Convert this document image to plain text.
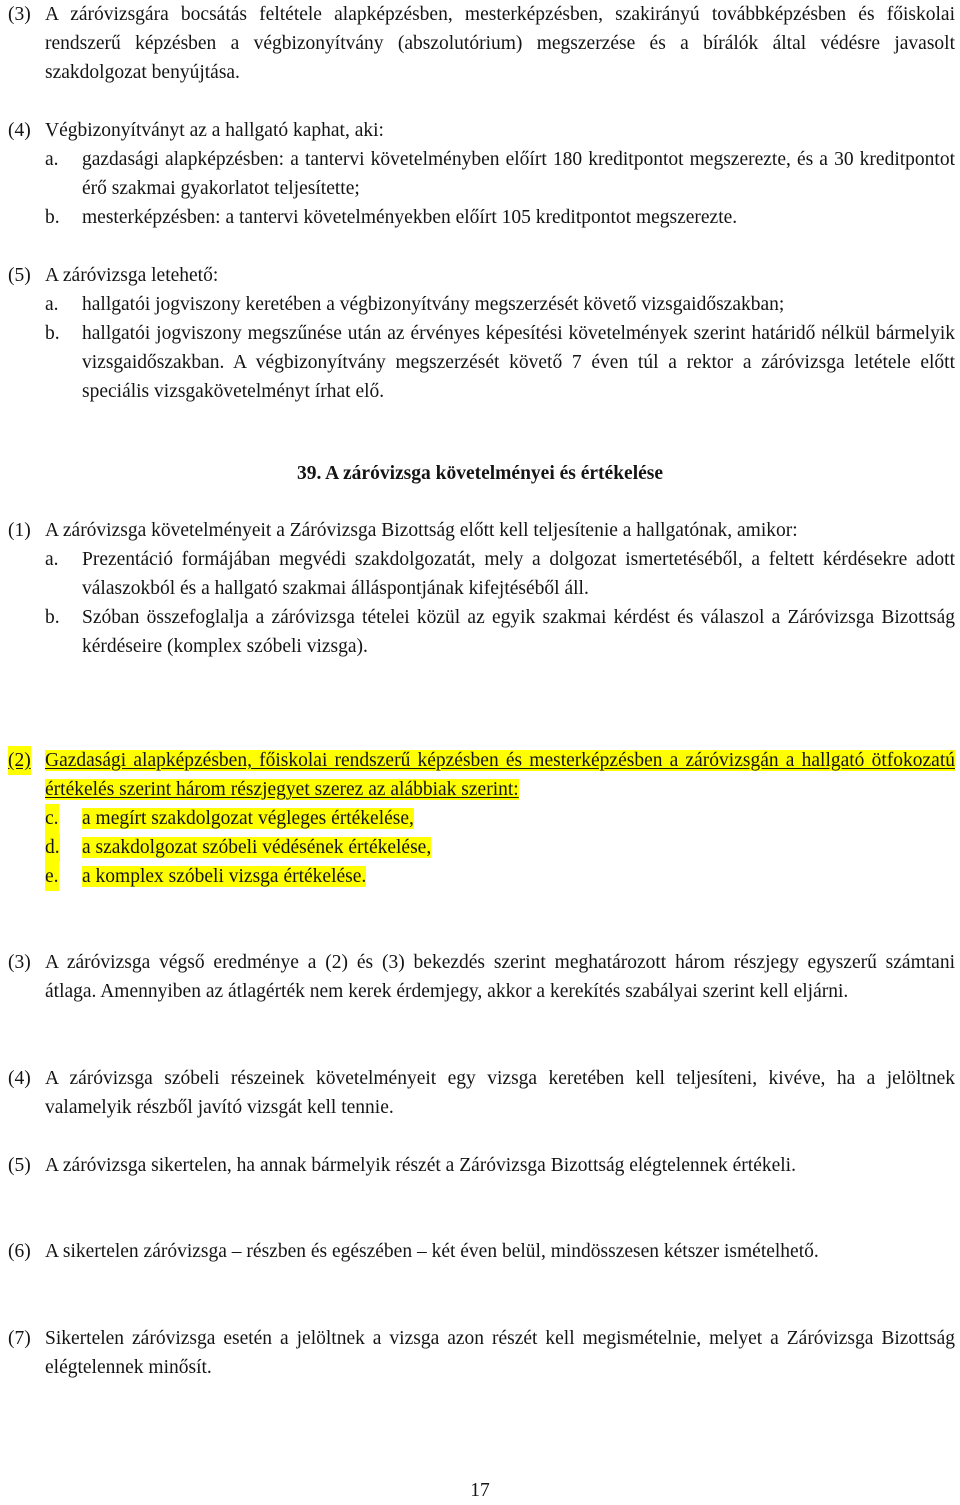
(3) A záróvizsgára bocsátás feltétele alapképzésben, mesterképzésben, szakirányú továbbképzésben és főiskolai rendszerű képzésben a végbizonyítvány (abszolutórium) megszerzése és a bírálók által védésre javasolt szakdolgozat benyújtása.
(4) Végbizonyítványt az a hallgató kaphat, aki:
a. gazdasági alapképzésben: a tantervi követelményben előírt 180 kreditpontot megszerezte, és a 30 kreditpontot érő szakmai gyakorlatot teljesítette;
b. mesterképzésben: a tantervi követelményekben előírt 105 kreditpontot megszerezte.
(5) A záróvizsga letehető:
a. hallgatói jogviszony keretében a végbizonyítvány megszerzését követő vizsgaidőszakban;
b. hallgatói jogviszony megszűnése után az érvényes képesítési követelmények szerint határidő nélkül bármelyik vizsgaidőszakban. A végbizonyítvány megszerzését követő 7 éven túl a rektor a záróvizsga letétele előtt speciális vizsgakövetelményt írhat elő.
39. A záróvizsga követelményei és értékelése
(1) A záróvizsga követelményeit a Záróvizsga Bizottság előtt kell teljesítenie a hallgatónak, amikor:
a. Prezentáció formájában megvédi szakdolgozatát, mely a dolgozat ismertetéséből, a feltett kérdésekre adott válaszokból és a hallgató szakmai álláspontjának kifejtéséből áll.
b. Szóban összefoglalja a záróvizsga tételei közül az egyik szakmai kérdést és válaszol a Záróvizsga Bizottság kérdéseire (komplex szóbeli vizsga).
(2) Gazdasági alapképzésben, főiskolai rendszerű képzésben és mesterképzésben a záróvizsgán a hallgató ötfokozatú értékelés szerint három részjegyet szerez az alábbiak szerint:
c. a megírt szakdolgozat végleges értékelése,
d. a szakdolgozat szóbeli védésének értékelése,
e. a komplex szóbeli vizsga értékelése.
(3) A záróvizsga végső eredménye a (2) és (3) bekezdés szerint meghatározott három részjegy egyszerű számtani átlaga. Amennyiben az átlagérték nem kerek érdemjegy, akkor a kerekítés szabályai szerint kell eljárni.
(4) A záróvizsga szóbeli részeinek követelményeit egy vizsga keretében kell teljesíteni, kivéve, ha a jelöltnek valamelyik részből javító vizsgát kell tennie.
(5) A záróvizsga sikertelen, ha annak bármelyik részét a Záróvizsga Bizottság elégtelennek értékeli.
(6) A sikertelen záróvizsga – részben és egészében – két éven belül, mindösszesen kétszer ismételhető.
(7) Sikertelen záróvizsga esetén a jelöltnek a vizsga azon részét kell megismételnie, melyet a Záróvizsga Bizottság elégtelennek minősít.
17
